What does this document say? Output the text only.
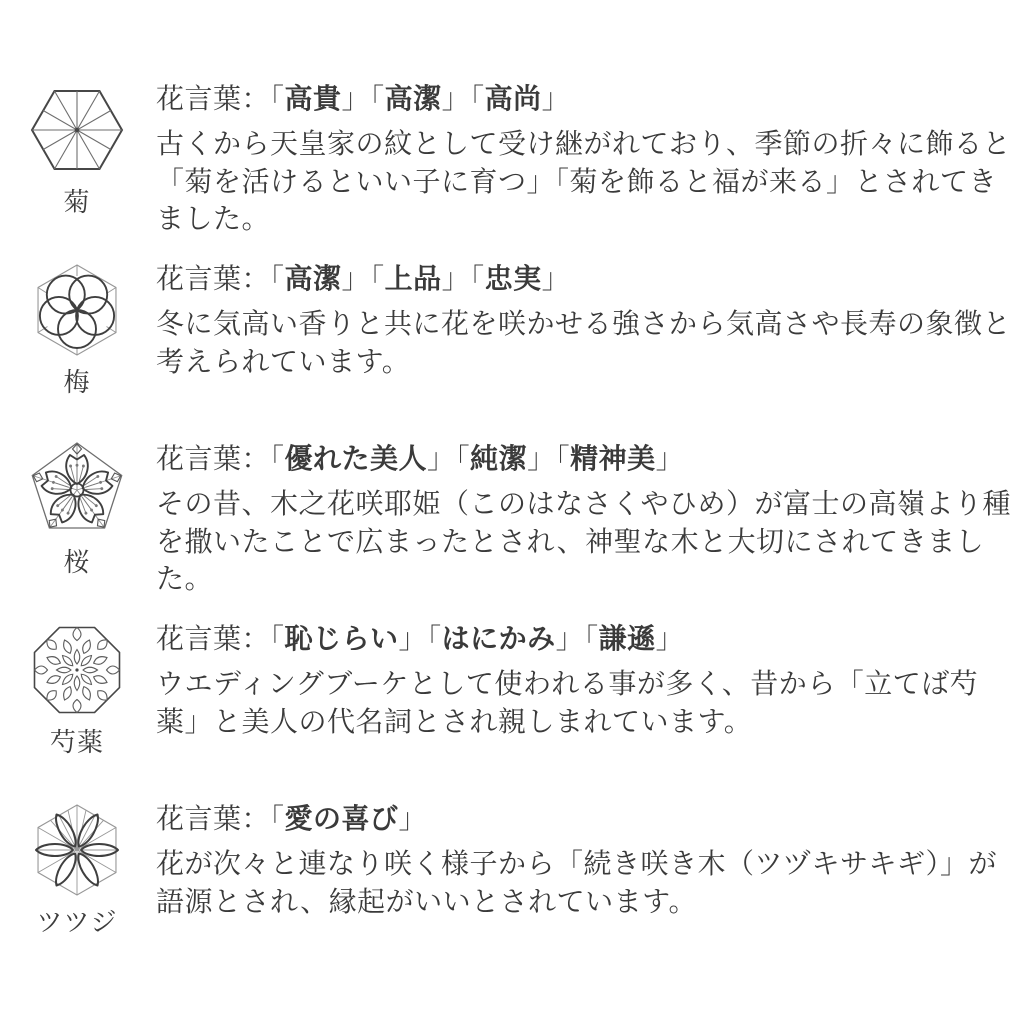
菊

花言葉：「高貴」「高潔」「高尚」

古くから天皇家の紋として受け継がれており、季節の折々に飾ると「菊を活けるといい子に育つ」「菊を飾ると福が来る」とされてきました。

梅

花言葉：「高潔」「上品」「忠実」

冬に気高い香りと共に花を咲かせる強さから気高さや長寿の象徴と考えられています。

桜

花言葉：「優れた美人」「純潔」「精神美」

その昔、木之花咲耶姫（このはなさくやひめ）が富士の高嶺より種を撒いたことで広まったとされ、神聖な木と大切にされてきました。

芍薬

花言葉：「恥じらい」「はにかみ」「謙遜」

ウエディングブーケとして使われる事が多く、昔から「立てば芍薬」と美人の代名詞とされ親しまれています。

ツツジ

花言葉：「愛の喜び」

花が次々と連なり咲く様子から「続き咲き木（ツヅキサキギ）」が語源とされ、縁起がいいとされています。
